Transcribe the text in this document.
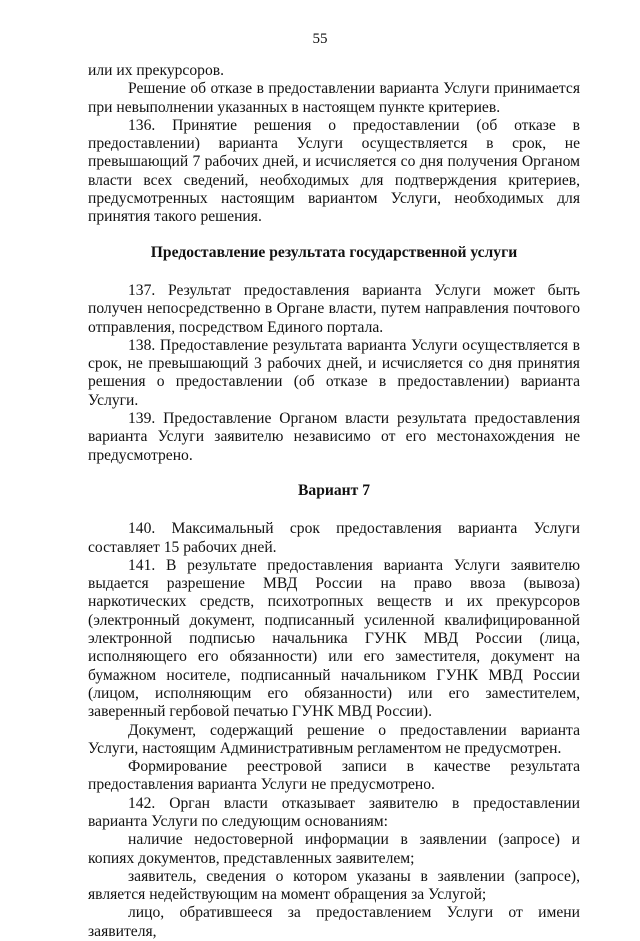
55

или их прекурсоров.

Решение об отказе в предоставлении варианта Услуги принимается при невыполнении указанных в настоящем пункте критериев.

136. Принятие решения о предоставлении (об отказе в предоставлении) варианта Услуги осуществляется в срок, не превышающий 7 рабочих дней, и исчисляется со дня получения Органом власти всех сведений, необходимых для подтверждения критериев, предусмотренных настоящим вариантом Услуги, необходимых для принятия такого решения.

Предоставление результата государственной услуги

137. Результат предоставления варианта Услуги может быть получен непосредственно в Органе власти, путем направления почтового отправления, посредством Единого портала.

138. Предоставление результата варианта Услуги осуществляется в срок, не превышающий 3 рабочих дней, и исчисляется со дня принятия решения о предоставлении (об отказе в предоставлении) варианта Услуги.

139. Предоставление Органом власти результата предоставления варианта Услуги заявителю независимо от его местонахождения не предусмотрено.

Вариант 7

140. Максимальный срок предоставления варианта Услуги составляет 15 рабочих дней.

141. В результате предоставления варианта Услуги заявителю выдается разрешение МВД России на право ввоза (вывоза) наркотических средств, психотропных веществ и их прекурсоров (электронный документ, подписанный усиленной квалифицированной электронной подписью начальника ГУНК МВД России (лица, исполняющего его обязанности) или его заместителя, документ на бумажном носителе, подписанный начальником ГУНК МВД России (лицом, исполняющим его обязанности) или его заместителем, заверенный гербовой печатью ГУНК МВД России).

Документ, содержащий решение о предоставлении варианта Услуги, настоящим Административным регламентом не предусмотрен.

Формирование реестровой записи в качестве результата предоставления варианта Услуги не предусмотрено.

142. Орган власти отказывает заявителю в предоставлении варианта Услуги по следующим основаниям:

наличие недостоверной информации в заявлении (запросе) и копиях документов, представленных заявителем;

заявитель, сведения о котором указаны в заявлении (запросе), является недействующим на момент обращения за Услугой;

лицо, обратившееся за предоставлением Услуги от имени заявителя,
